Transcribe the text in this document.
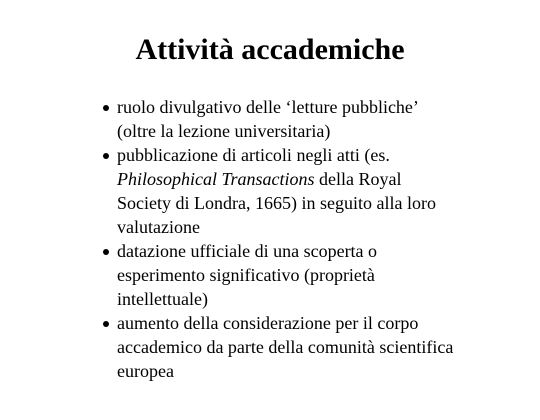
Attività accademiche
ruolo divulgativo delle ‘letture pubbliche’
(oltre la lezione universitaria)
pubblicazione di articoli negli atti (es.
Philosophical Transactions della Royal
Society di Londra, 1665) in seguito alla loro
valutazione
datazione ufficiale di una scoperta o
esperimento significativo (proprietà
intellettuale)
aumento della considerazione per il corpo
accademico da parte della comunità scientifica
europea
